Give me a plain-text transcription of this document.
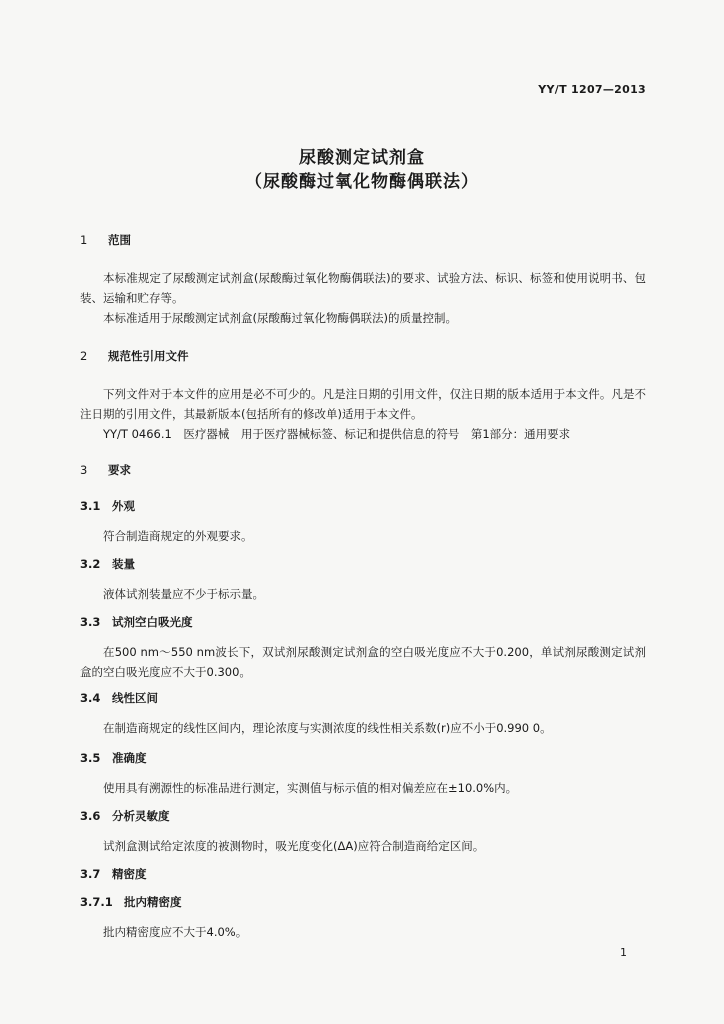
YY/T 1207—2013
尿酸测定试剂盒
（尿酸酶过氧化物酶偶联法）
1 范围
本标准规定了尿酸测定试剂盒(尿酸酶过氧化物酶偶联法)的要求、试验方法、标识、标签和使用说明书、包装、运输和贮存等。
本标准适用于尿酸测定试剂盒(尿酸酶过氧化物酶偶联法)的质量控制。
2 规范性引用文件
下列文件对于本文件的应用是必不可少的。凡是注日期的引用文件，仅注日期的版本适用于本文件。凡是不注日期的引用文件，其最新版本(包括所有的修改单)适用于本文件。
YY/T 0466.1　医疗器械　用于医疗器械标签、标记和提供信息的符号　第1部分：通用要求
3 要求
3.1 外观
符合制造商规定的外观要求。
3.2 装量
液体试剂装量应不少于标示量。
3.3 试剂空白吸光度
在500 nm～550 nm波长下，双试剂尿酸测定试剂盒的空白吸光度应不大于0.200，单试剂尿酸测定试剂盒的空白吸光度应不大于0.300。
3.4 线性区间
在制造商规定的线性区间内，理论浓度与实测浓度的线性相关系数(r)应不小于0.990 0。
3.5 准确度
使用具有溯源性的标准品进行测定，实测值与标示值的相对偏差应在±10.0%内。
3.6 分析灵敏度
试剂盒测试给定浓度的被测物时，吸光度变化(ΔA)应符合制造商给定区间。
3.7 精密度
3.7.1 批内精密度
批内精密度应不大于4.0%。
1
